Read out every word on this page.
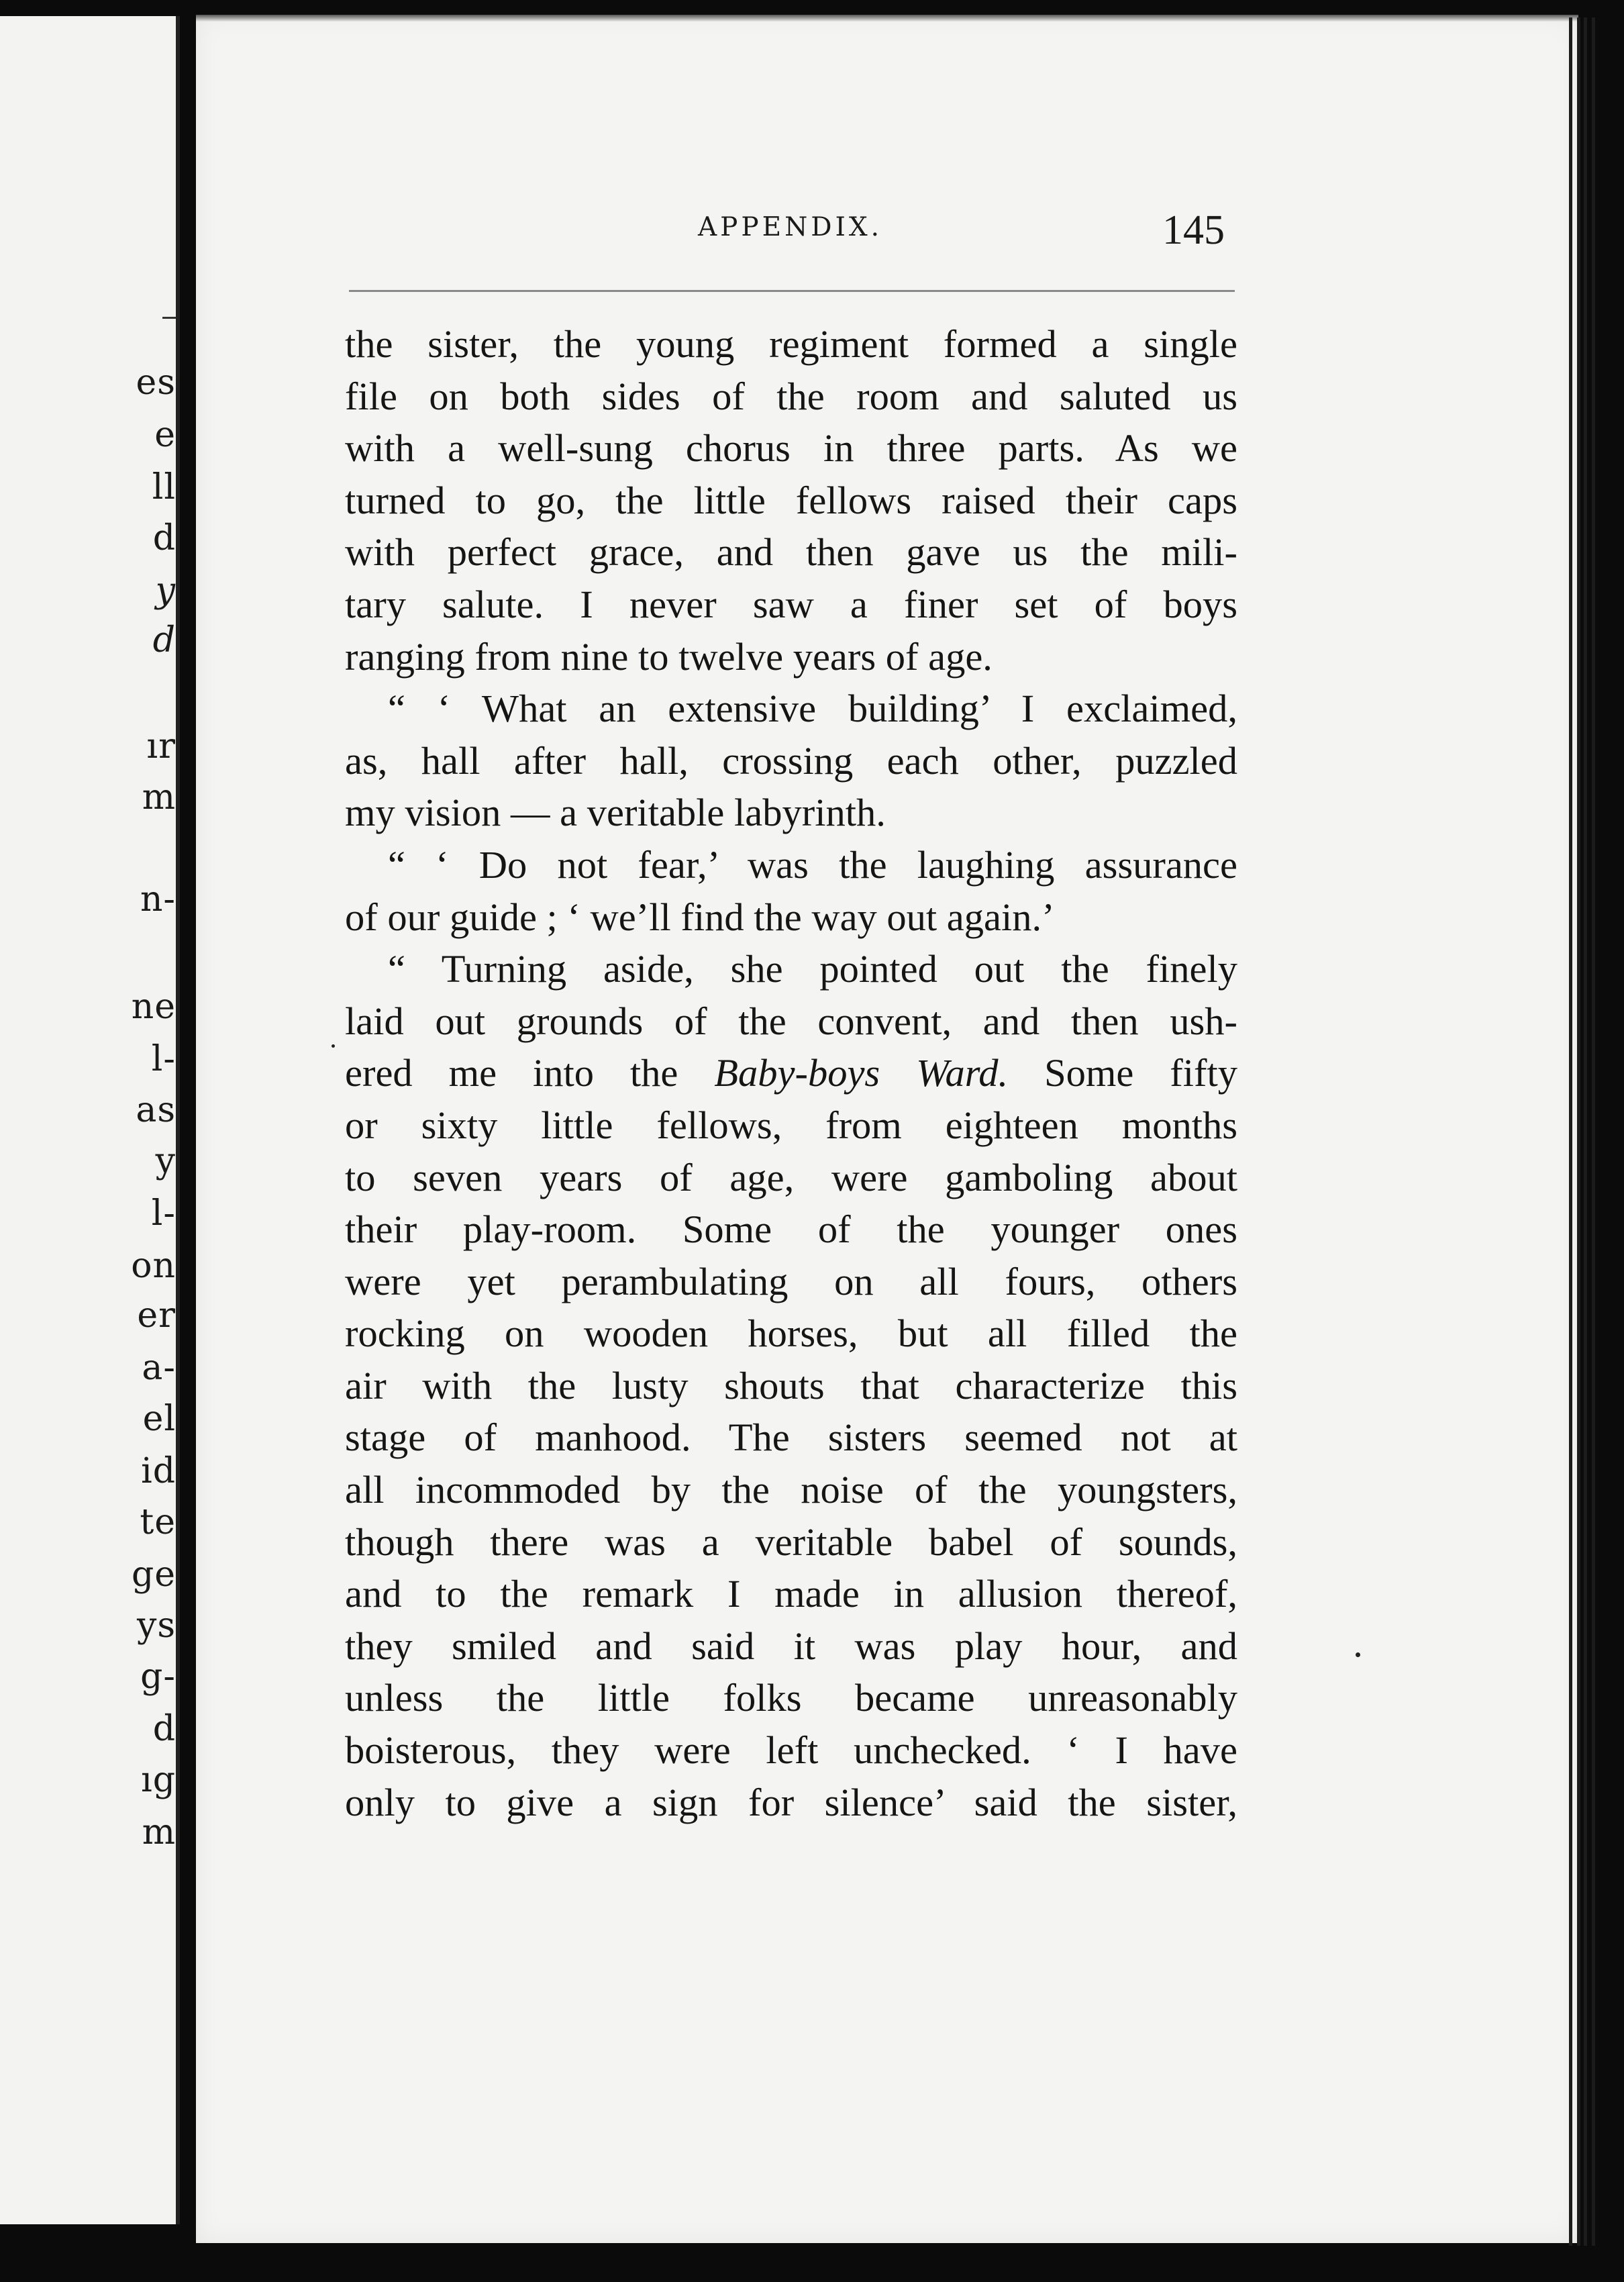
es
e
ll
d
y
d
ır
m
n-
ne
l-
as
y
l-
on
er
a-
el
id
te
ge
ys
g-
d
ıg
m
APPENDIX.	145
the sister, the young regiment formed a single
file on both sides of the room and saluted us
with a well-sung chorus in three parts. As we
turned to go, the little fellows raised their caps
with perfect grace, and then gave us the mili-
tary salute. I never saw a finer set of boys
ranging from nine to twelve years of age.
“ ‘ What an extensive building’ I exclaimed,
as, hall after hall, crossing each other, puzzled
my vision — a veritable labyrinth.
“ ‘ Do not fear,’ was the laughing assurance
of our guide ; ‘ we’ll find the way out again.’
“ Turning aside, she pointed out the finely
laid out grounds of the convent, and then ush-
ered me into the Baby-boys Ward. Some fifty
or sixty little fellows, from eighteen months
to seven years of age, were gamboling about
their play-room. Some of the younger ones
were yet perambulating on all fours, others
rocking on wooden horses, but all filled the
air with the lusty shouts that characterize this
stage of manhood. The sisters seemed not at
all incommoded by the noise of the youngsters,
though there was a veritable babel of sounds,
and to the remark I made in allusion thereof,
they smiled and said it was play hour, and
unless the little folks became unreasonably
boisterous, they were left unchecked. ‘ I have
only to give a sign for silence’ said the sister,
